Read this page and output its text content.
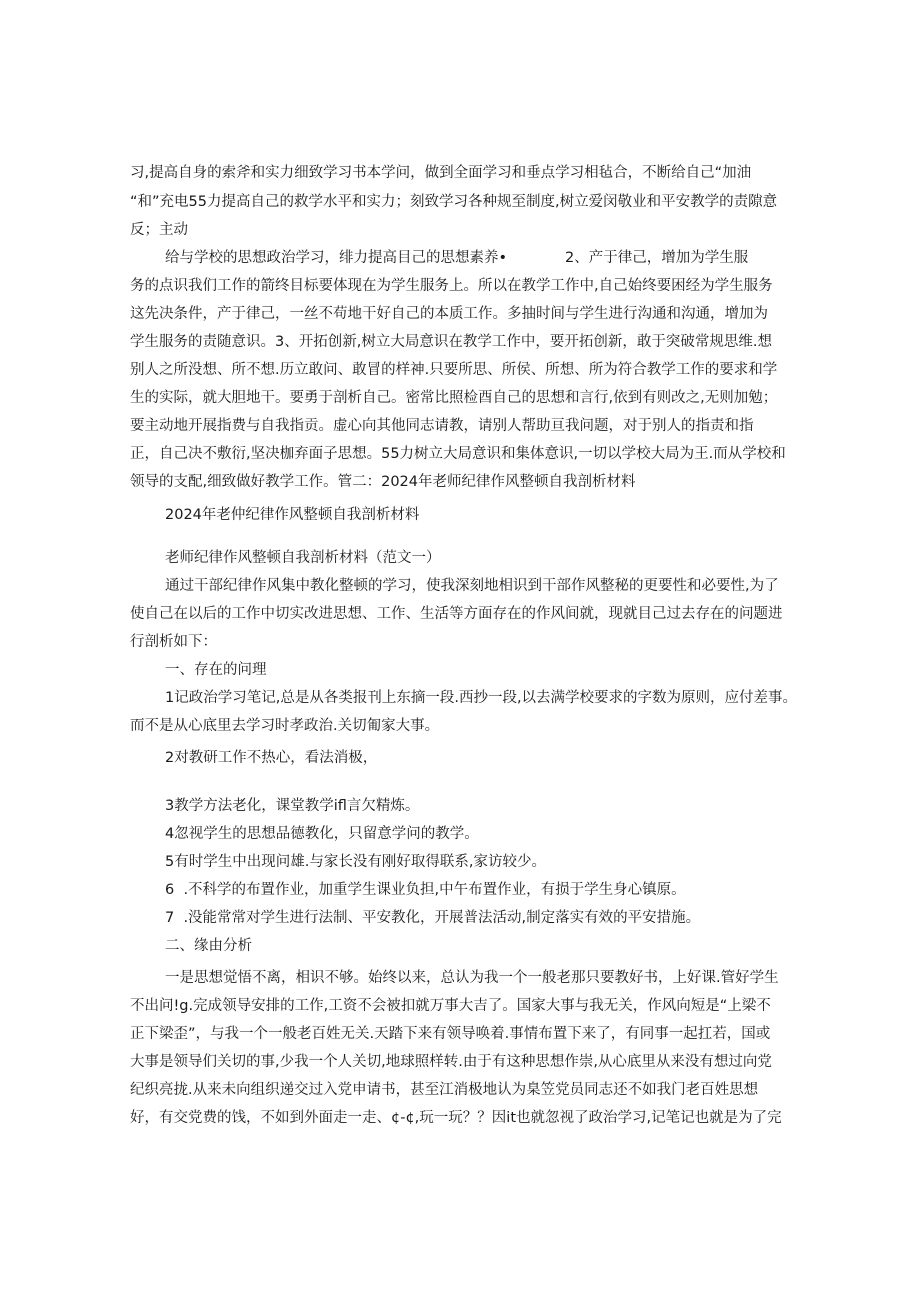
习,提高自身的索斧和实力细致学习书本学问，做到全面学习和垂点学习相毡合，不断给自己“加油
“和”充电55力提高自己的救学水平和实力；刻致学习各种规至制度,树立爱闵敬业和平安教学的责隙意
反；主动
给与学校的思想政治学习，绯力提高目己的思想素养•	2、产于律己，增加为学生服
务的点识我们工作的箭终目标要体现在为学生服务上。所以在教学工作中,自己始终要困经为学生服务
这先决条件，产于律己，一丝不苟地干好自己的本质工作。多抽时间与学生进行沟通和沟通，增加为
学生服务的责随意识。3、开拓创新,树立大局意识在教学工作中，要开拓创新，敢于突破常规思维.想
别人之所没想、所不想.历立敢问、敢冒的样神.只要所思、所侯、所想、所为符合教学工作的要求和学
生的实际，就大胆地干。要勇于剖析自己。密常比照检酉自己的思想和言行,依到有则改之,无则加勉；
要主动地开展指费与自我指贡。虚心向其他同志请教，请别人帮助亘我问题，对于别人的指责和指
正，自己决不敷衍,坚决枷弃面子思想。55力树立大局意识和集体意识,一切以学校大局为王.而从学校和
领导的支配,细致做好教学工作。管二：2024年老师纪律作风整顿自我剖析材料
2024年老仲纪律作风整顿自我剖析材料
老师纪律作风整顿自我剖析材料（范文一）
通过干部纪律作风集中教化整顿的学习，使我深刻地相识到干部作风整秘的更要性和必要性,为了
使自己在以后的工作中切实改进思想、工作、生活等方面存在的作风间就，现就目己过去存在的问题进
行剖析如下：
一、存在的问理
1记政治学习笔记,总是从各类报刊上东摘一段.西抄一段,以去满学校要求的字数为原则，应付差事。
而不是从心底里去学习时孝政治.关切匍家大事。
2对教研工作不热心，看法消极，
3教学方法老化，课堂教学ifl言欠精炼。
4忽视学生的思想品德教化，只留意学问的教学。
5有时学生中出现问雄.与家长没有刚好取得联系,家访较少。
6  .不科学的布置作业，加重学生课业负担,中午布置作业，有损于学生身心镇原。
7  .没能常常对学生进行法制、平安教化，开展普法活动,制定落实有效的平安措施。
二、缘由分析
一是思想觉悟不离，相识不够。始终以来，总认为我一个一般老那只要教好书，上好课.管好学生
不出问!g.完成领导安排的工作,工资不会被扣就万事大吉了。国家大事与我无关，作风向短是“上梁不
正下梁歪”，与我一个一般老百姓无关.天踏下来有领导唤着.事情布置下来了，有同事一起扛若，国或
大事是领导们关切的事,少我一个人关切,地球照样转.由于有这种思想作崇,从心底里从来没有想过向党
纪织亮拢.从来未向组织递交过入党申请书，甚至江消极地认为臬笠党员同志还不如我门老百姓思想
好，有交党费的饯，不如到外面走一走、¢-¢,玩一玩？？因it也就忽视了政治学习,记笔记也就是为了完
